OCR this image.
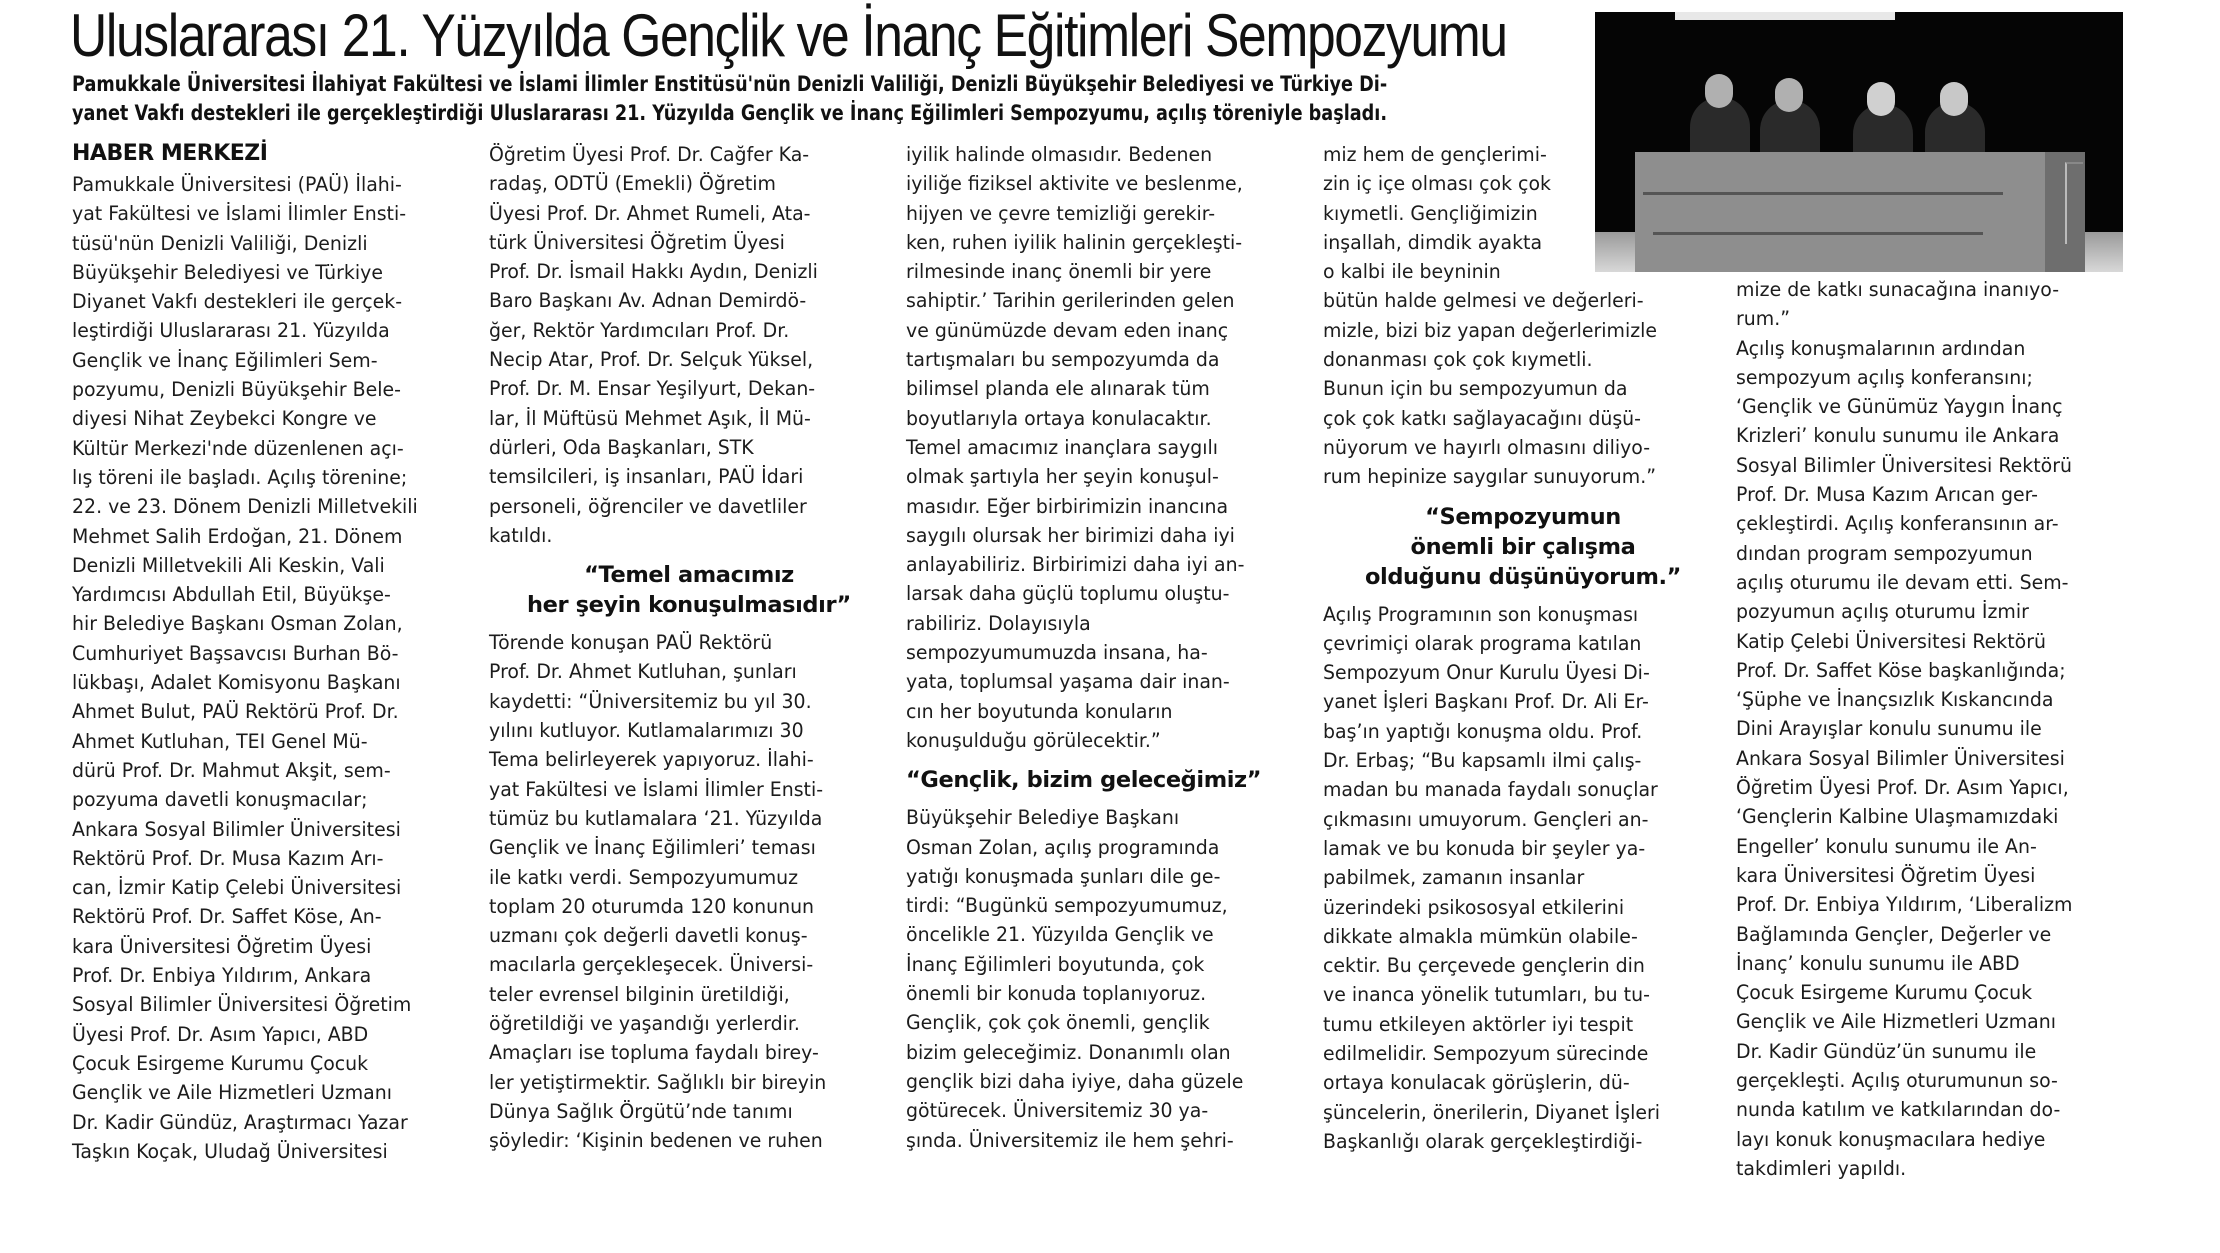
Uluslararası 21. Yüzyılda Gençlik ve İnanç Eğitimleri Sempozyumu
Pamukkale Üniversitesi İlahiyat Fakültesi ve İslami İlimler Enstitüsü'nün Denizli Valiliği, Denizli Büyükşehir Belediyesi ve Türkiye Di-
yanet Vakfı destekleri ile gerçekleştirdiği Uluslararası 21. Yüzyılda Gençlik ve İnanç Eğilimleri Sempozyumu, açılış töreniyle başladı.
HABER MERKEZİ
Pamukkale Üniversitesi (PAÜ) İlahi-
yat Fakültesi ve İslami İlimler Ensti-
tüsü'nün Denizli Valiliği, Denizli
Büyükşehir Belediyesi ve Türkiye
Diyanet Vakfı destekleri ile gerçek-
leştirdiği Uluslararası 21. Yüzyılda
Gençlik ve İnanç Eğilimleri Sem-
pozyumu, Denizli Büyükşehir Bele-
diyesi Nihat Zeybekci Kongre ve
Kültür Merkezi'nde düzenlenen açı-
lış töreni ile başladı. Açılış törenine;
22. ve 23. Dönem Denizli Milletvekili
Mehmet Salih Erdoğan, 21. Dönem
Denizli Milletvekili Ali Keskin, Vali
Yardımcısı Abdullah Etil, Büyükşe-
hir Belediye Başkanı Osman Zolan,
Cumhuriyet Başsavcısı Burhan Bö-
lükbaşı, Adalet Komisyonu Başkanı
Ahmet Bulut, PAÜ Rektörü Prof. Dr.
Ahmet Kutluhan, TEI Genel Mü-
dürü Prof. Dr. Mahmut Akşit, sem-
pozyuma davetli konuşmacılar;
Ankara Sosyal Bilimler Üniversitesi
Rektörü Prof. Dr. Musa Kazım Arı-
can, İzmir Katip Çelebi Üniversitesi
Rektörü Prof. Dr. Saffet Köse, An-
kara Üniversitesi Öğretim Üyesi
Prof. Dr. Enbiya Yıldırım, Ankara
Sosyal Bilimler Üniversitesi Öğretim
Üyesi Prof. Dr. Asım Yapıcı, ABD
Çocuk Esirgeme Kurumu Çocuk
Gençlik ve Aile Hizmetleri Uzmanı
Dr. Kadir Gündüz, Araştırmacı Yazar
Taşkın Koçak, Uludağ Üniversitesi
Öğretim Üyesi Prof. Dr. Cağfer Ka-
radaş, ODTÜ (Emekli) Öğretim
Üyesi Prof. Dr. Ahmet Rumeli, Ata-
türk Üniversitesi Öğretim Üyesi
Prof. Dr. İsmail Hakkı Aydın, Denizli
Baro Başkanı Av. Adnan Demirdö-
ğer, Rektör Yardımcıları Prof. Dr.
Necip Atar, Prof. Dr. Selçuk Yüksel,
Prof. Dr. M. Ensar Yeşilyurt, Dekan-
lar, İl Müftüsü Mehmet Aşık, İl Mü-
dürleri, Oda Başkanları, STK
temsilcileri, iş insanları, PAÜ İdari
personeli, öğrenciler ve davetliler
katıldı.
“Temel amacımız
her şeyin konuşulmasıdır”
Törende konuşan PAÜ Rektörü
Prof. Dr. Ahmet Kutluhan, şunları
kaydetti: “Üniversitemiz bu yıl 30.
yılını kutluyor. Kutlamalarımızı 30
Tema belirleyerek yapıyoruz. İlahi-
yat Fakültesi ve İslami İlimler Ensti-
tümüz bu kutlamalara ‘21. Yüzyılda
Gençlik ve İnanç Eğilimleri’ teması
ile katkı verdi. Sempozyumumuz
toplam 20 oturumda 120 konunun
uzmanı çok değerli davetli konuş-
macılarla gerçekleşecek. Üniversi-
teler evrensel bilginin üretildiği,
öğretildiği ve yaşandığı yerlerdir.
Amaçları ise topluma faydalı birey-
ler yetiştirmektir. Sağlıklı bir bireyin
Dünya Sağlık Örgütü’nde tanımı
şöyledir: ‘Kişinin bedenen ve ruhen
iyilik halinde olmasıdır. Bedenen
iyiliğe fiziksel aktivite ve beslenme,
hijyen ve çevre temizliği gerekir-
ken, ruhen iyilik halinin gerçekleşti-
rilmesinde inanç önemli bir yere
sahiptir.’ Tarihin gerilerinden gelen
ve günümüzde devam eden inanç
tartışmaları bu sempozyumda da
bilimsel planda ele alınarak tüm
boyutlarıyla ortaya konulacaktır.
Temel amacımız inançlara saygılı
olmak şartıyla her şeyin konuşul-
masıdır. Eğer birbirimizin inancına
saygılı olursak her birimizi daha iyi
anlayabiliriz. Birbirimizi daha iyi an-
larsak daha güçlü toplumu oluştu-
rabiliriz. Dolayısıyla
sempozyumumuzda insana, ha-
yata, toplumsal yaşama dair inan-
cın her boyutunda konuların
konuşulduğu görülecektir.”
“Gençlik, bizim geleceğimiz”
Büyükşehir Belediye Başkanı
Osman Zolan, açılış programında
yatığı konuşmada şunları dile ge-
tirdi: “Bugünkü sempozyumumuz,
öncelikle 21. Yüzyılda Gençlik ve
İnanç Eğilimleri boyutunda, çok
önemli bir konuda toplanıyoruz.
Gençlik, çok çok önemli, gençlik
bizim geleceğimiz. Donanımlı olan
gençlik bizi daha iyiye, daha güzele
götürecek. Üniversitemiz 30 ya-
şında. Üniversitemiz ile hem şehri-
miz hem de gençlerimi-
zin iç içe olması çok çok
kıymetli. Gençliğimizin
inşallah, dimdik ayakta
o kalbi ile beyninin
bütün halde gelmesi ve değerleri-
mizle, bizi biz yapan değerlerimizle
donanması çok çok kıymetli.
Bunun için bu sempozyumun da
çok çok katkı sağlayacağını düşü-
nüyorum ve hayırlı olmasını diliyo-
rum hepinize saygılar sunuyorum.”
“Sempozyumun
önemli bir çalışma
olduğunu düşünüyorum.”
Açılış Programının son konuşması
çevrimiçi olarak programa katılan
Sempozyum Onur Kurulu Üyesi Di-
yanet İşleri Başkanı Prof. Dr. Ali Er-
baş’ın yaptığı konuşma oldu. Prof.
Dr. Erbaş; “Bu kapsamlı ilmi çalış-
madan bu manada faydalı sonuçlar
çıkmasını umuyorum. Gençleri an-
lamak ve bu konuda bir şeyler ya-
pabilmek, zamanın insanlar
üzerindeki psikososyal etkilerini
dikkate almakla mümkün olabile-
cektir. Bu çerçevede gençlerin din
ve inanca yönelik tutumları, bu tu-
tumu etkileyen aktörler iyi tespit
edilmelidir. Sempozyum sürecinde
ortaya konulacak görüşlerin, dü-
şüncelerin, önerilerin, Diyanet İşleri
Başkanlığı olarak gerçekleştirdiği-
mize de katkı sunacağına inanıyo-
rum.”
Açılış konuşmalarının ardından
sempozyum açılış konferansını;
‘Gençlik ve Günümüz Yaygın İnanç
Krizleri’ konulu sunumu ile Ankara
Sosyal Bilimler Üniversitesi Rektörü
Prof. Dr. Musa Kazım Arıcan ger-
çekleştirdi. Açılış konferansının ar-
dından program sempozyumun
açılış oturumu ile devam etti. Sem-
pozyumun açılış oturumu İzmir
Katip Çelebi Üniversitesi Rektörü
Prof. Dr. Saffet Köse başkanlığında;
‘Şüphe ve İnançsızlık Kıskancında
Dini Arayışlar konulu sunumu ile
Ankara Sosyal Bilimler Üniversitesi
Öğretim Üyesi Prof. Dr. Asım Yapıcı,
‘Gençlerin Kalbine Ulaşmamızdaki
Engeller’ konulu sunumu ile An-
kara Üniversitesi Öğretim Üyesi
Prof. Dr. Enbiya Yıldırım, ‘Liberalizm
Bağlamında Gençler, Değerler ve
İnanç’ konulu sunumu ile ABD
Çocuk Esirgeme Kurumu Çocuk
Gençlik ve Aile Hizmetleri Uzmanı
Dr. Kadir Gündüz’ün sunumu ile
gerçekleşti. Açılış oturumunun so-
nunda katılım ve katkılarından do-
layı konuk konuşmacılara hediye
takdimleri yapıldı.
